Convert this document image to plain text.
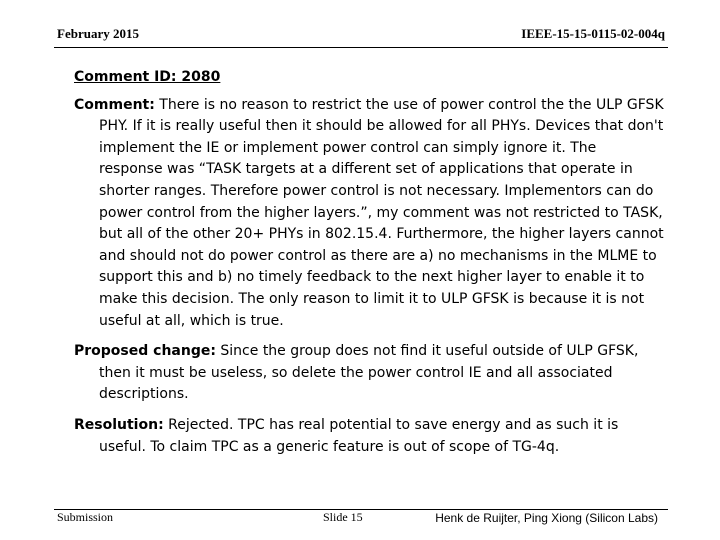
February 2015	IEEE-15-15-0115-02-004q
Comment ID: 2080
Comment: There is no reason to restrict the use of power control the the ULP GFSK PHY. If it is really useful then it should be allowed for all PHYs. Devices that don't implement the IE or implement power control can simply ignore it. The response was “TASK targets at a different set of applications that operate in shorter ranges. Therefore power control is not necessary. Implementors can do power control from the higher layers.”, my comment was not restricted to TASK, but all of the other 20+ PHYs in 802.15.4. Furthermore, the higher layers cannot and should not do power control as there are a) no mechanisms in the MLME to support this and b) no timely feedback to the next higher layer to enable it to make this decision. The only reason to limit it to ULP GFSK is because it is not useful at all, which is true.
Proposed change: Since the group does not find it useful outside of ULP GFSK, then it must be useless, so delete the power control IE and all associated descriptions.
Resolution: Rejected. TPC has real potential to save energy and as such it is useful. To claim TPC as a generic feature is out of scope of TG-4q.
Submission	Slide 15	Henk de Ruijter, Ping Xiong (Silicon Labs)
